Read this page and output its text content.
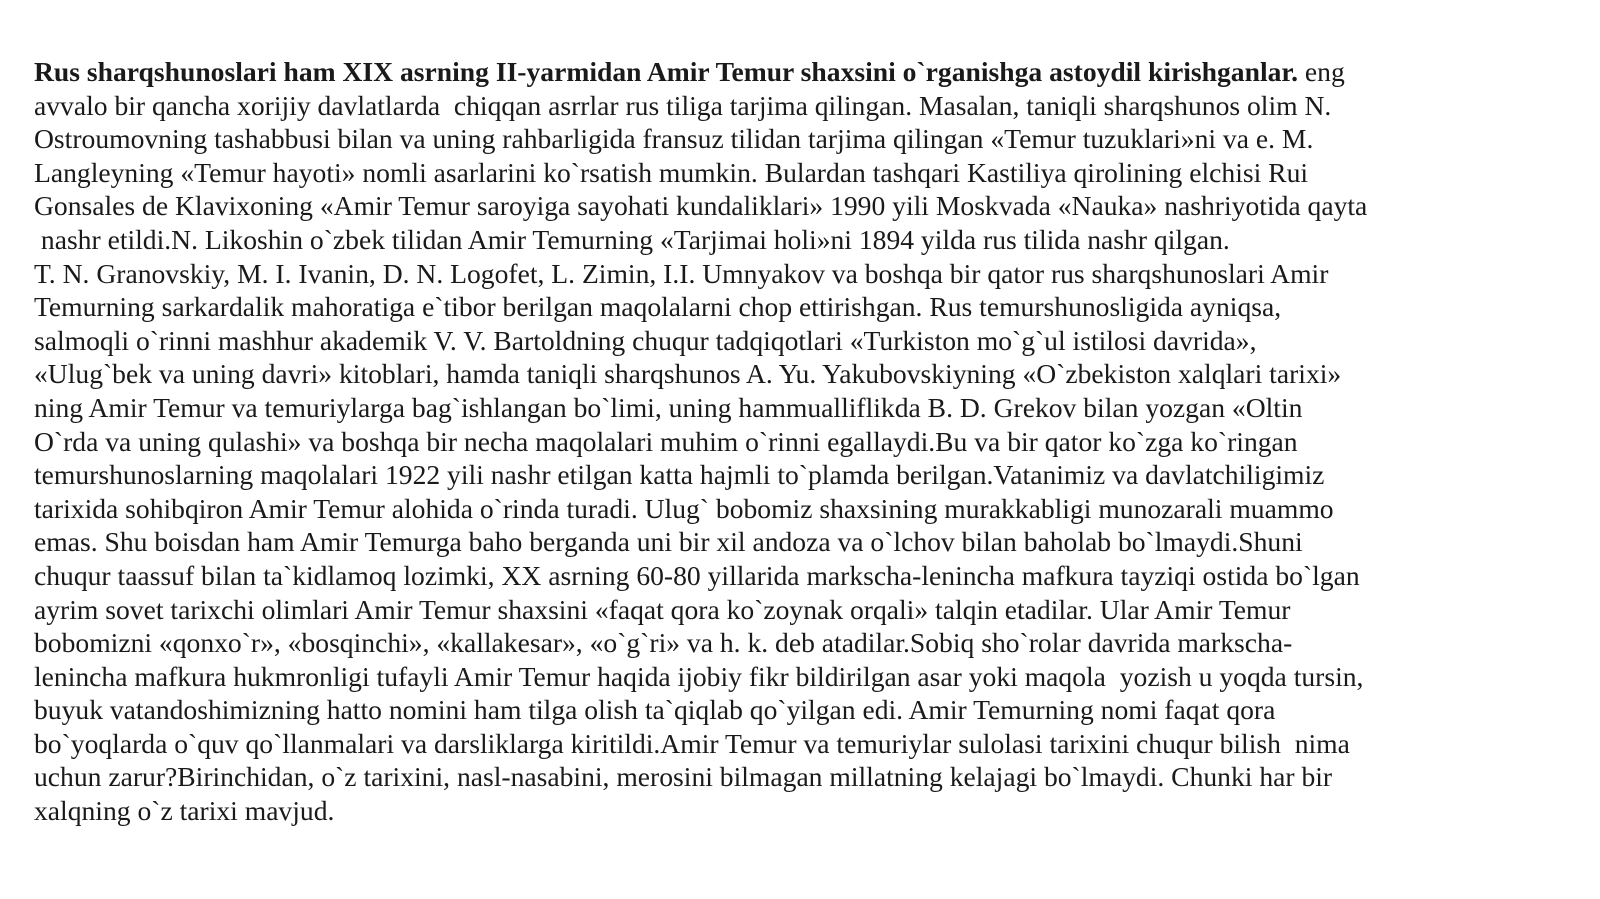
Rus sharqshunoslari ham XIX asrning II-yarmidan Amir Temur shaxsini o`rganishga astoydil kirishganlar. eng
avvalo bir qancha xorijiy davlatlarda  chiqqan asrrlar rus tiliga tarjima qilingan. Masalan, taniqli sharqshunos olim N.
Ostroumovning tashabbusi bilan va uning rahbarligida fransuz tilidan tarjima qilingan «Temur tuzuklari»ni va e. M.
Langleyning «Temur hayoti» nomli asarlarini ko`rsatish mumkin. Bulardan tashqari Kastiliya qirolining elchisi Rui
Gonsales de Klavixoning «Amir Temur saroyiga sayohati kundaliklari» 1990 yili Moskvada «Nauka» nashriyotida qayta
nashr etildi.N. Likoshin o`zbek tilidan Amir Temurning «Tarjimai holi»ni 1894 yilda rus tilida nashr qilgan.
T. N. Granovskiy, M. I. Ivanin, D. N. Logofet, L. Zimin, I.I. Umnyakov va boshqa bir qator rus sharqshunoslari Amir
Temurning sarkardalik mahoratiga e`tibor berilgan maqolalarni chop ettirishgan. Rus temurshunosligida ayniqsa,
salmoqli o`rinni mashhur akademik V. V. Bartoldning chuqur tadqiqotlari «Turkiston mo`g`ul istilosi davrida»,
«Ulug`bek va uning davri» kitoblari, hamda taniqli sharqshunos A. Yu. Yakubovskiyning «O`zbekiston xalqlari tarixi»
ning Amir Temur va temuriylarga bag`ishlangan bo`limi, uning hammualliflikda B. D. Grekov bilan yozgan «Oltin
O`rda va uning qulashi» va boshqa bir necha maqolalari muhim o`rinni egallaydi.Bu va bir qator ko`zga ko`ringan
temurshunoslarning maqolalari 1922 yili nashr etilgan katta hajmli to`plamda berilgan.Vatanimiz va davlatchiligimiz
tarixida sohibqiron Amir Temur alohida o`rinda turadi. Ulug` bobomiz shaxsining murakkabligi munozarali muammo
emas. Shu boisdan ham Amir Temurga baho berganda uni bir xil andoza va o`lchov bilan baholab bo`lmaydi.Shuni
chuqur taassuf bilan ta`kidlamoq lozimki, XX asrning 60-80 yillarida markscha-lenincha mafkura tayziqi ostida bo`lgan
ayrim sovet tarixchi olimlari Amir Temur shaxsini «faqat qora ko`zoynak orqali» talqin etadilar. Ular Amir Temur
bobomizni «qonxo`r», «bosqinchi», «kallakesar», «o`g`ri» va h. k. deb atadilar.Sobiq sho`rolar davrida markscha-
lenincha mafkura hukmronligi tufayli Amir Temur haqida ijobiy fikr bildirilgan asar yoki maqola  yozish u yoqda tursin,
buyuk vatandoshimizning hatto nomini ham tilga olish ta`qiqlab qo`yilgan edi. Amir Temurning nomi faqat qora
bo`yoqlarda o`quv qo`llanmalari va darsliklarga kiritildi.Amir Temur va temuriylar sulolasi tarixini chuqur bilish  nima
uchun zarur?Birinchidan, o`z tarixini, nasl-nasabini, merosini bilmagan millatning kelajagi bo`lmaydi. Chunki har bir
xalqning o`z tarixi mavjud.
